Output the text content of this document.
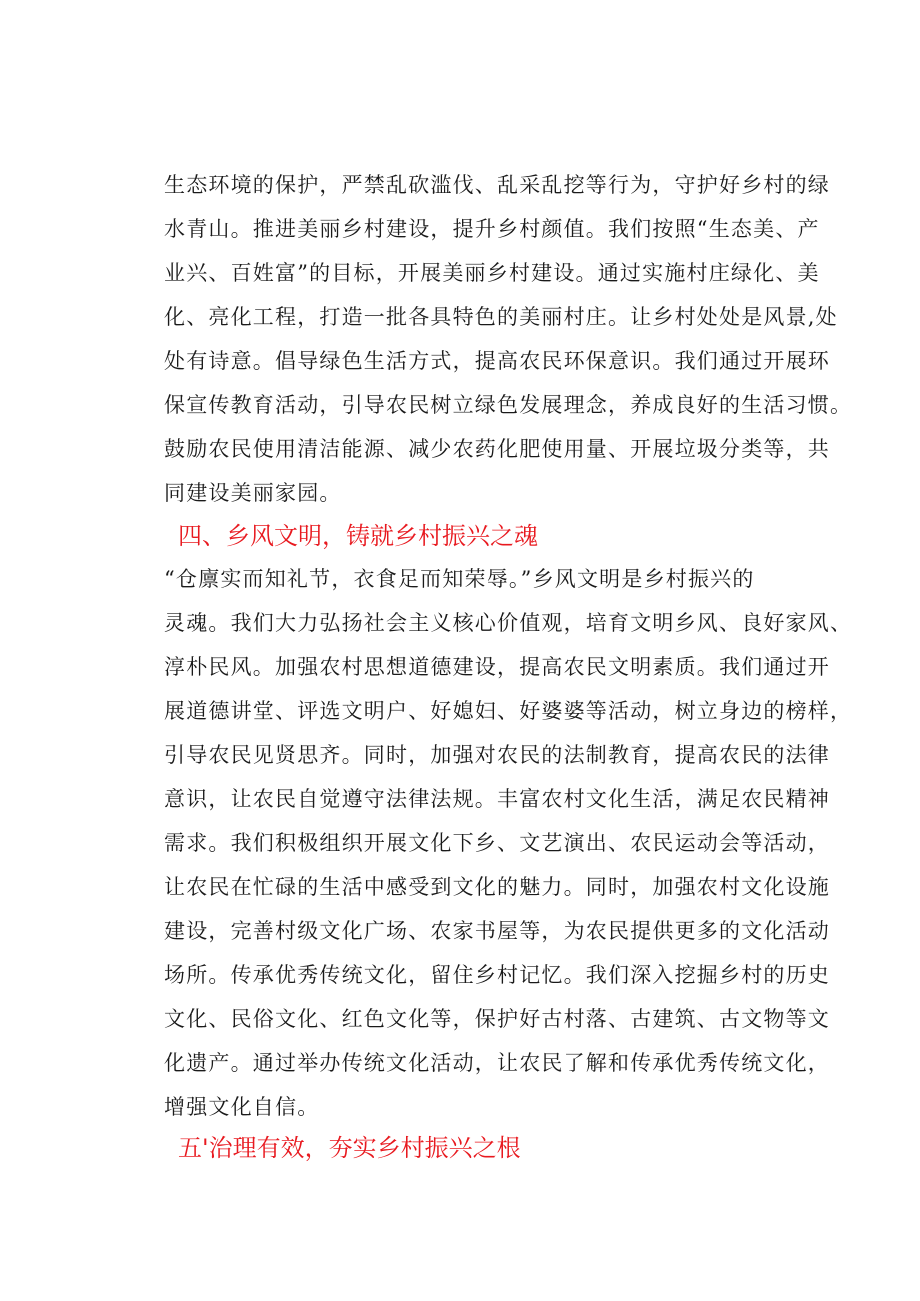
生态环境的保护，严禁乱砍滥伐、乱采乱挖等行为，守护好乡村的绿
水青山。推进美丽乡村建设，提升乡村颜值。我们按照“生态美、产
业兴、百姓富”的目标，开展美丽乡村建设。通过实施村庄绿化、美
化、亮化工程，打造一批各具特色的美丽村庄。让乡村处处是风景,处
处有诗意。倡导绿色生活方式，提高农民环保意识。我们通过开展环
保宣传教育活动，引导农民树立绿色发展理念，养成良好的生活习惯。
鼓励农民使用清洁能源、减少农药化肥使用量、开展垃圾分类等，共
同建设美丽家园。
四、乡风文明，铸就乡村振兴之魂
“仓廪实而知礼节，衣食足而知荣辱。”乡风文明是乡村振兴的
灵魂。我们大力弘扬社会主义核心价值观，培育文明乡风、良好家风、
淳朴民风。加强农村思想道德建设，提高农民文明素质。我们通过开
展道德讲堂、评选文明户、好媳妇、好婆婆等活动，树立身边的榜样，
引导农民见贤思齐。同时，加强对农民的法制教育，提高农民的法律
意识，让农民自觉遵守法律法规。丰富农村文化生活，满足农民精神
需求。我们积极组织开展文化下乡、文艺演出、农民运动会等活动，
让农民在忙碌的生活中感受到文化的魅力。同时，加强农村文化设施
建设，完善村级文化广场、农家书屋等，为农民提供更多的文化活动
场所。传承优秀传统文化，留住乡村记忆。我们深入挖掘乡村的历史
文化、民俗文化、红色文化等，保护好古村落、古建筑、古文物等文
化遗产。通过举办传统文化活动，让农民了解和传承优秀传统文化，
增强文化自信。
五'治理有效，夯实乡村振兴之根
